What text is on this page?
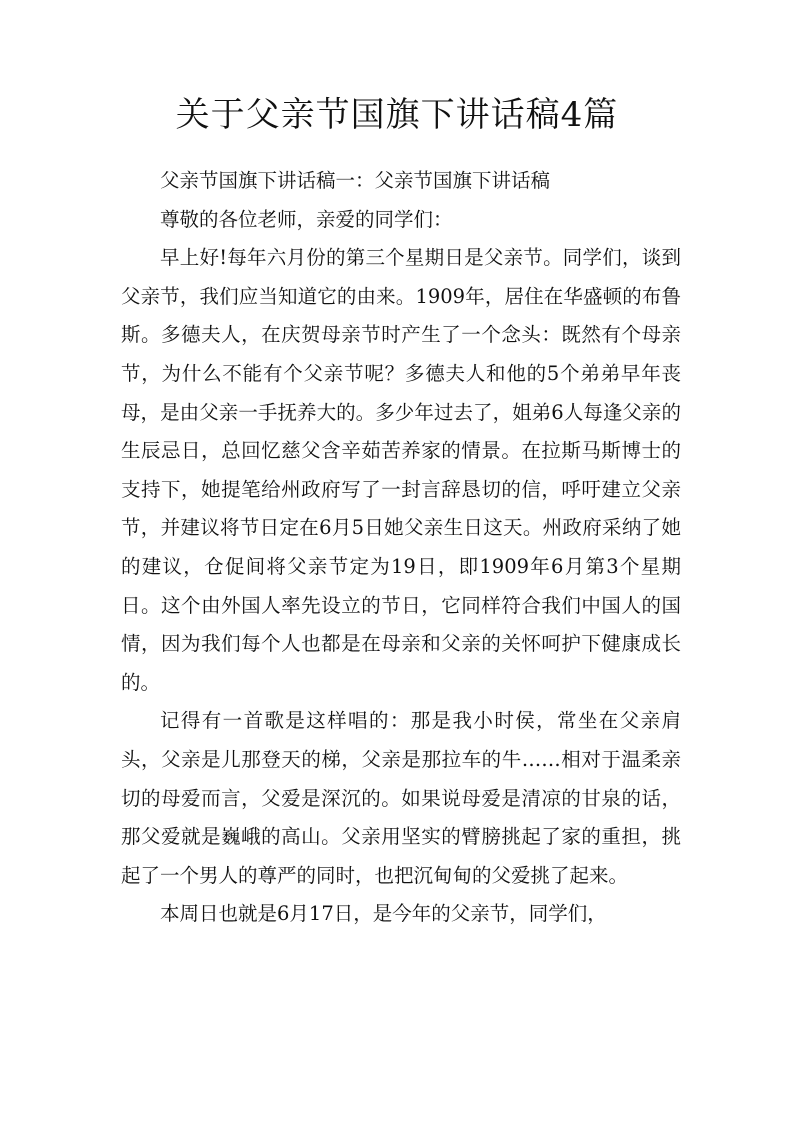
关于父亲节国旗下讲话稿4篇

父亲节国旗下讲话稿一：父亲节国旗下讲话稿

尊敬的各位老师，亲爱的同学们：

早上好!每年六月份的第三个星期日是父亲节。同学们，谈到父亲节，我们应当知道它的由来。1909年，居住在华盛顿的布鲁斯。多德夫人，在庆贺母亲节时产生了一个念头：既然有个母亲节，为什么不能有个父亲节呢？多德夫人和他的5个弟弟早年丧母，是由父亲一手抚养大的。多少年过去了，姐弟6人每逢父亲的生辰忌日，总回忆慈父含辛茹苦养家的情景。在拉斯马斯博士的支持下，她提笔给州政府写了一封言辞恳切的信，呼吁建立父亲节，并建议将节日定在6月5日她父亲生日这天。州政府采纳了她的建议，仓促间将父亲节定为19日，即1909年6月第3个星期日。这个由外国人率先设立的节日，它同样符合我们中国人的国情，因为我们每个人也都是在母亲和父亲的关怀呵护下健康成长的。

记得有一首歌是这样唱的：那是我小时侯，常坐在父亲肩头，父亲是儿那登天的梯，父亲是那拉车的牛……相对于温柔亲切的母爱而言，父爱是深沉的。如果说母爱是清凉的甘泉的话，那父爱就是巍峨的高山。父亲用坚实的臂膀挑起了家的重担，挑起了一个男人的尊严的同时，也把沉甸甸的父爱挑了起来。

本周日也就是6月17日，是今年的父亲节，同学们，
